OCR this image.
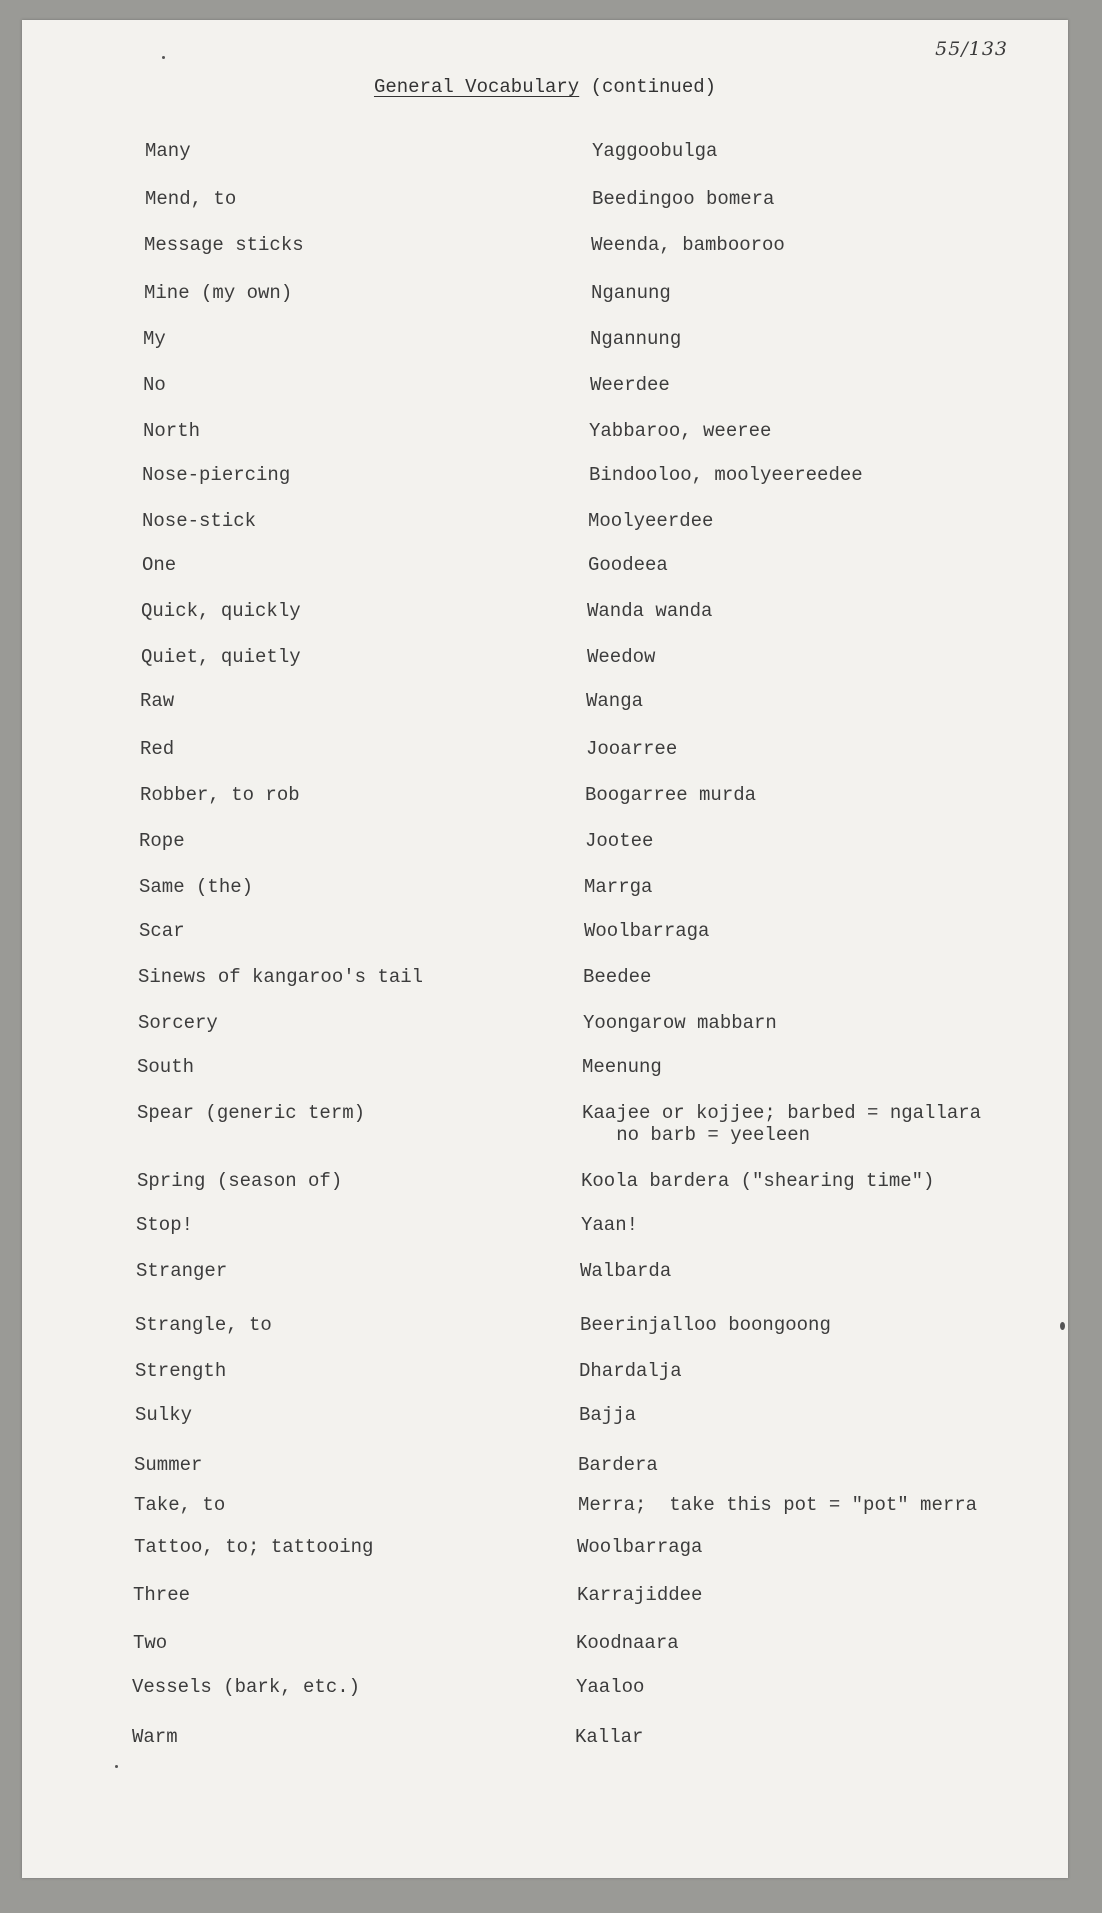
55/133
General Vocabulary (continued)
Many	Yaggoobulga
Mend, to	Beedingoo bomera
Message sticks	Weenda, bambooroo
Mine (my own)	Nganung
My	Ngannung
No	Weerdee
North	Yabbaroo, weeree
Nose-piercing	Bindooloo, moolyeereedee
Nose-stick	Moolyeerdee
One	Goodeea
Quick, quickly	Wanda wanda
Quiet, quietly	Weedow
Raw	Wanga
Red	Jooarree
Robber, to rob	Boogarree murda
Rope	Jootee
Same (the)	Marrga
Scar	Woolbarraga
Sinews of kangaroo's tail	Beedee
Sorcery	Yoongarow mabbarn
South	Meenung
Spear (generic term)	Kaajee or kojjee; barbed = ngallara
no barb = yeeleen
Spring (season of)	Koola bardera ("shearing time")
Stop!	Yaan!
Stranger	Walbarda
Strangle, to	Beerinjalloo boongoong
Strength	Dhardalja
Sulky	Bajja
Summer	Bardera
Take, to	Merra;  take this pot = "pot" merra
Tattoo, to; tattooing	Woolbarraga
Three	Karrajiddee
Two	Koodnaara
Vessels (bark, etc.)	Yaaloo
Warm	Kallar
